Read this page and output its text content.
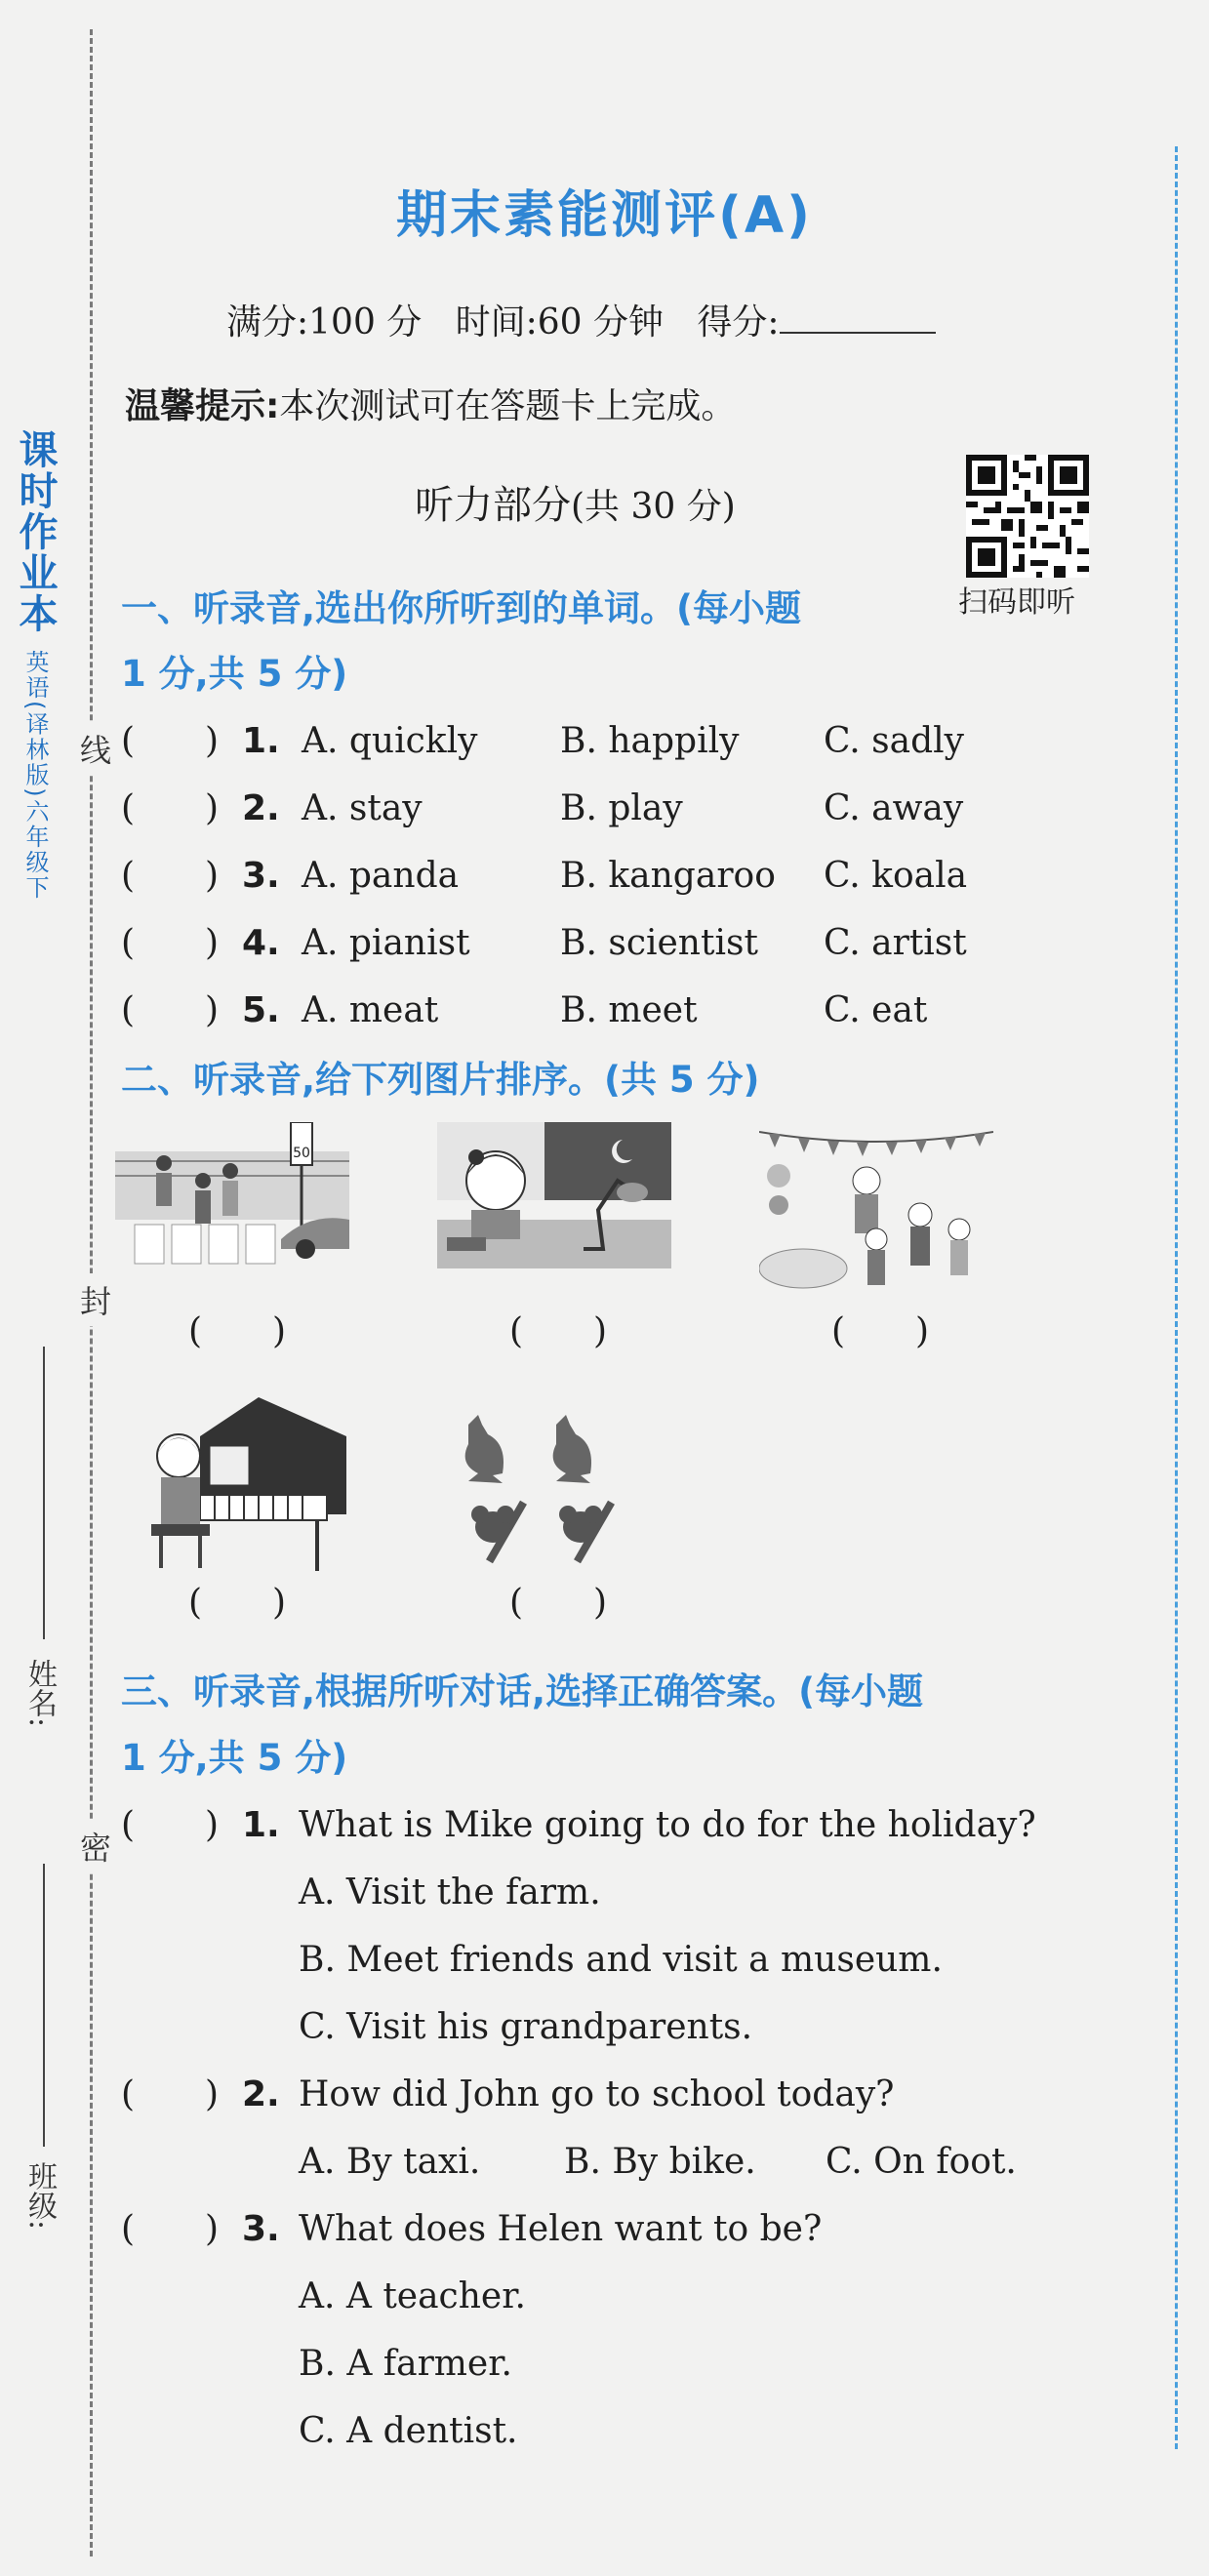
课时作业本 英语(译林版)六年级下
姓名:
班级:
线
封
密
期末素能测评(A)
满分:100 分 时间:60 分钟 得分:
温馨提示:本次测试可在答题卡上完成。
听力部分(共 30 分)
扫码即听
一、听录音,选出你所听到的单词。(每小题
1 分,共 5 分)
(　　) 1. A. quickly B. happily C. sadly
(　　) 2. A. stay	B. play	C. away
(　　) 3. A. panda	B. kangaroo C. koala
(　　) 4. A. pianist	B. scientist C. artist
(　　) 5. A. meat	B. meet	C. eat
二、听录音,给下列图片排序。(共 5 分)
50
(　　)	(　　)	(　　)
(　　)	(　　)
三、听录音,根据所听对话,选择正确答案。(每小题
1 分,共 5 分)
(　　) 1. What is Mike going to do for the holiday?
A. Visit the farm.
B. Meet friends and visit a museum.
C. Visit his grandparents.
(　　) 2. How did John go to school today?
A. By taxi. B. By bike. C. On foot.
(　　) 3. What does Helen want to be?
A. A teacher.
B. A farmer.
C. A dentist.
